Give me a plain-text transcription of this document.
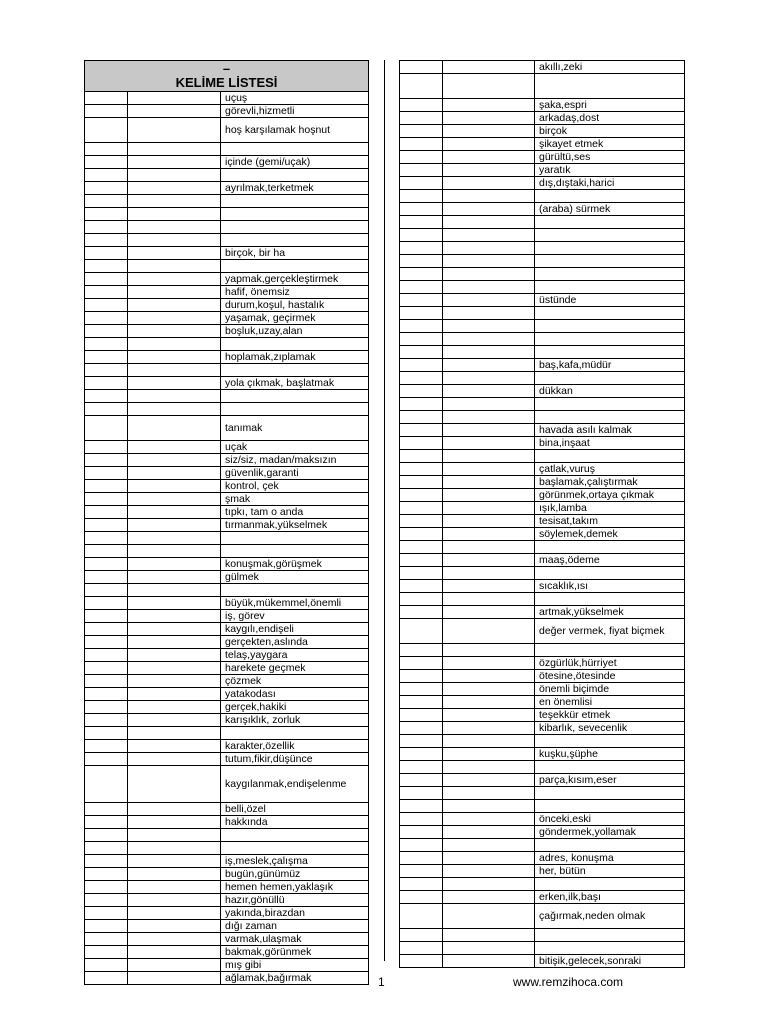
–
KELİME LİSTESİ		

		uçuş
		görevli,hizmetli
		hoş karşılamak hoşnut

		içinde (gemi/uçak)

		ayrılmak,terketmek

		birçok, bir ha

		yapmak,gerçekleştirmek
		hafif, önemsiz
		durum,koşul, hastalık
		yaşamak, geçirmek
		boşluk,uzay,alan

		hoplamak,zıplamak

		yola çıkmak, başlatmak

		tanımak
		uçak
		siz/siz, madan/maksızın
		güvenlik,garanti
		kontrol, çek
		şmak
		tıpkı, tam o anda
		tırmanmak,yükselmek

		konuşmak,görüşmek
		gülmek

		büyük,mükemmel,önemli
		iş, görev
		kaygılı,endişeli
		gerçekten,aslında
		telaş,yaygara
		harekete geçmek
		çözmek
		yatakodası
		gerçek,hakiki
		karışıklık, zorluk

		karakter,özellik
		tutum,fikir,düşünce
		kaygılanmak,endişelenme
		belli,özel
		hakkında

		iş,meslek,çalışma
		bugün,günümüz
		hemen hemen,yaklaşık
		hazır,gönüllü
		yakında,birazdan
		dığı zaman
		varmak,ulaşmak
		bakmak,görünmek
		mış gibi
		ağlamak,bağırmak
		akıllı,zeki

		şaka,espri
		arkadaş,dost
		birçok
		şikayet etmek
		gürültü,ses
		yaratık
		dış,dıştaki,harici

		(araba) sürmek

		üstünde

		baş,kafa,müdür

		dükkan

		havada asılı kalmak
		bina,inşaat

		çatlak,vuruş
		başlamak,çalıştırmak
		görünmek,ortaya çıkmak
		ışık,lamba
		tesisat,takım
		söylemek,demek

		maaş,ödeme

		sıcaklık,ısı

		artmak,yükselmek
		değer vermek, fiyat biçmek

		özgürlük,hürriyet
		ötesine,ötesinde
		önemli biçimde
		en önemlisi
		teşekkür etmek
		kibarlık, sevecenlik

		kuşku,şüphe

		parça,kısım,eser

		önceki,eski
		göndermek,yollamak

		adres, konuşma
		her, bütün

		erken,ilk,başı
		çağırmak,neden olmak

		bitişik,gelecek,sonraki
1	www.remzihoca.com
